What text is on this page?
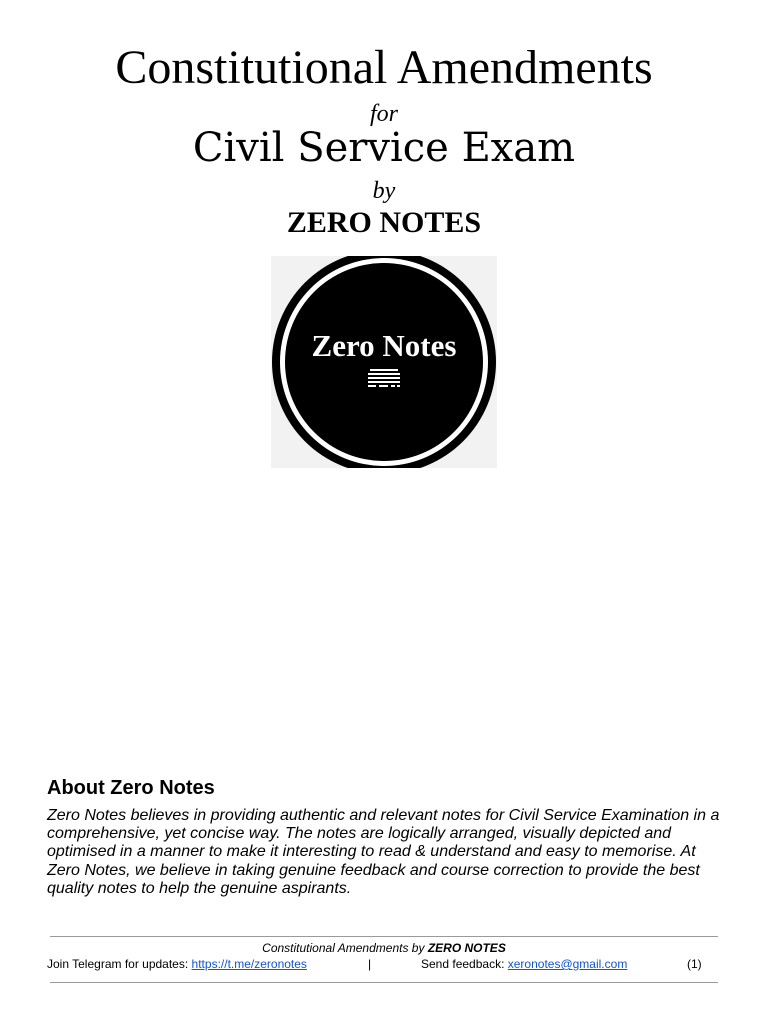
Constitutional Amendments
for
Civil Service Exam
by
ZERO NOTES
Zero Notes
About Zero Notes
Zero Notes believes in providing authentic and relevant notes for Civil Service Examination in a comprehensive, yet concise way. The notes are logically arranged, visually depicted and optimised in a manner to make it interesting to read & understand and easy to memorise. At Zero Notes, we believe in taking genuine feedback and course correction to provide the best quality notes to help the genuine aspirants.
Constitutional Amendments by ZERO NOTES
Join Telegram for updates: https://t.me/zeronotes	|	Send feedback: xeronotes@gmail.com	(1)
